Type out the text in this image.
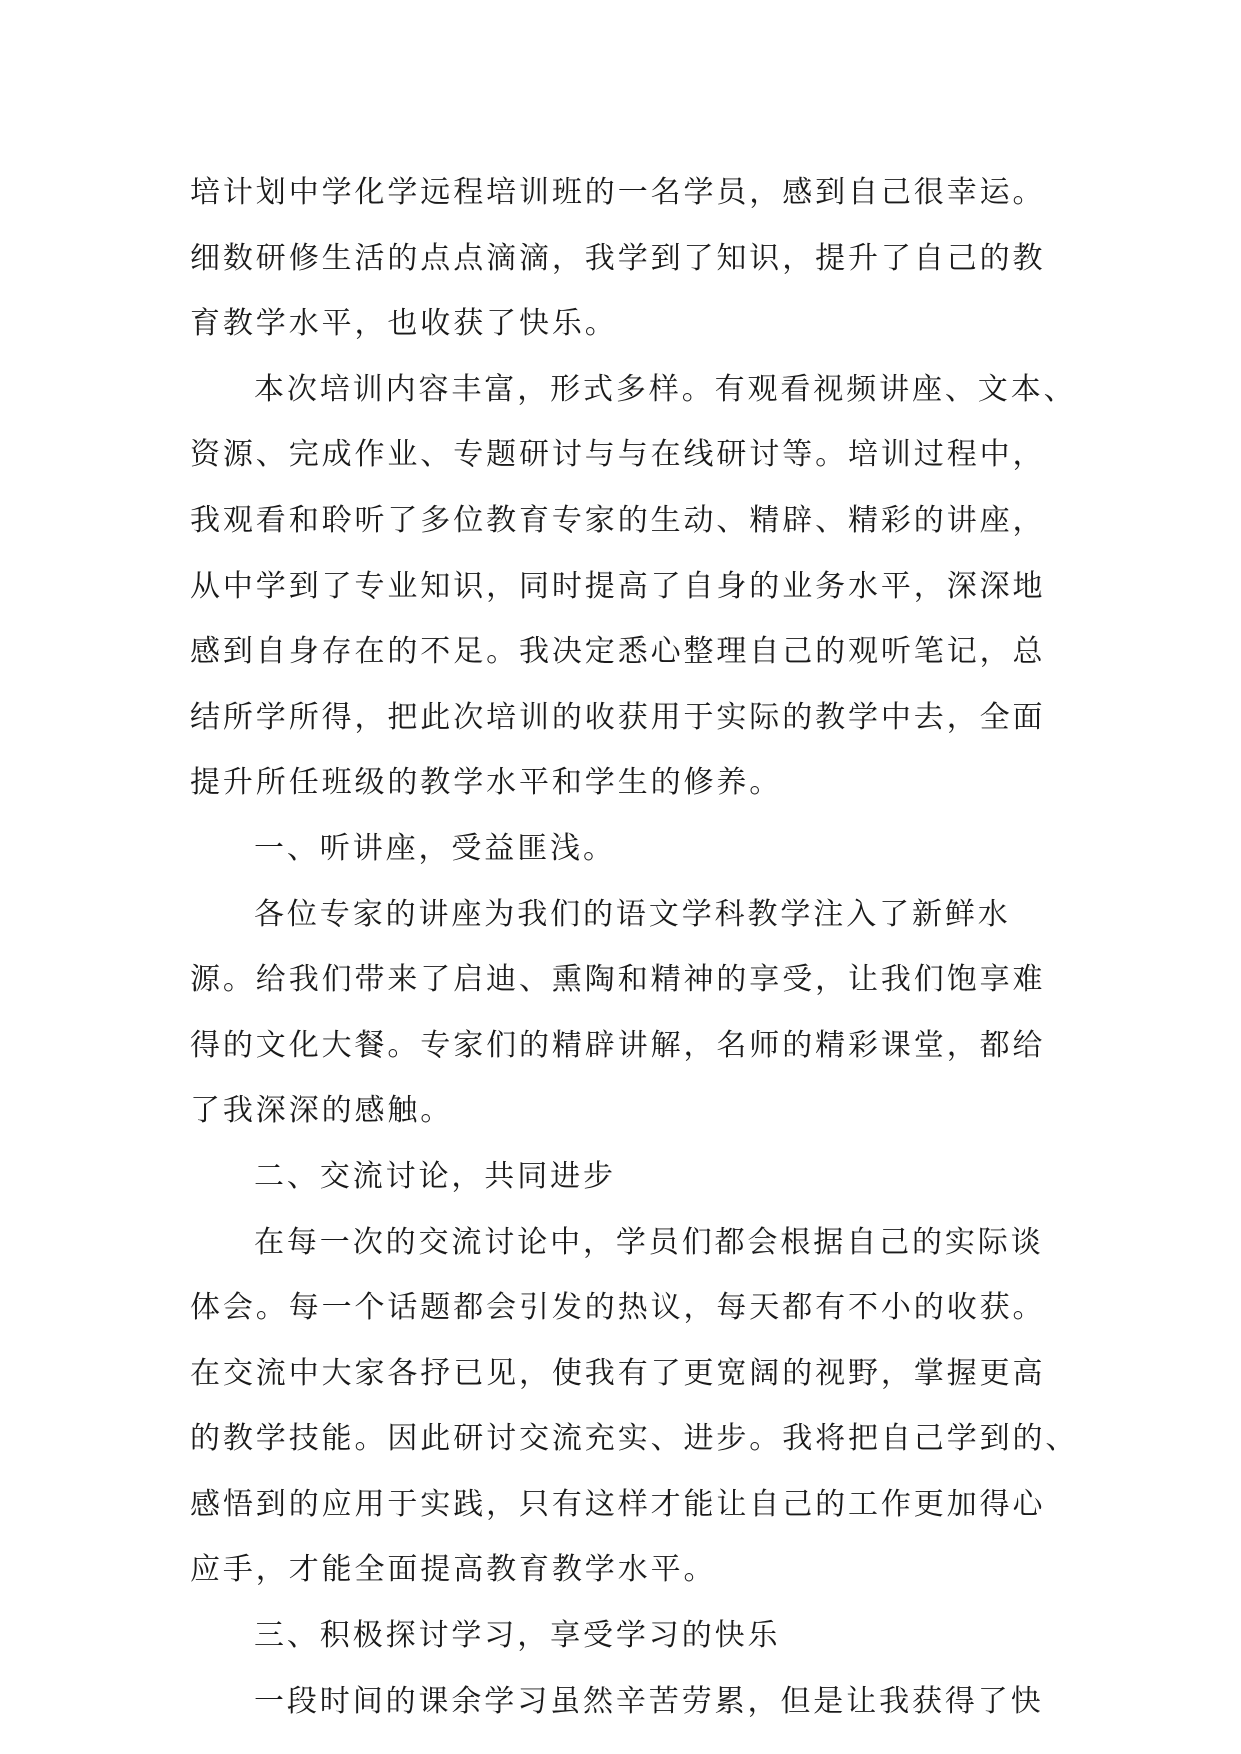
培计划中学化学远程培训班的一名学员，感到自己很幸运。
细数研修生活的点点滴滴，我学到了知识，提升了自己的教
育教学水平，也收获了快乐。
本次培训内容丰富，形式多样。有观看视频讲座、文本、
资源、完成作业、专题研讨与与在线研讨等。培训过程中，
我观看和聆听了多位教育专家的生动、精辟、精彩的讲座，
从中学到了专业知识，同时提高了自身的业务水平，深深地
感到自身存在的不足。我决定悉心整理自己的观听笔记，总
结所学所得，把此次培训的收获用于实际的教学中去，全面
提升所任班级的教学水平和学生的修养。
一、听讲座，受益匪浅。
各位专家的讲座为我们的语文学科教学注入了新鲜水
源。给我们带来了启迪、熏陶和精神的享受，让我们饱享难
得的文化大餐。专家们的精辟讲解，名师的精彩课堂，都给
了我深深的感触。
二、交流讨论，共同进步
在每一次的交流讨论中，学员们都会根据自己的实际谈
体会。每一个话题都会引发的热议，每天都有不小的收获。
在交流中大家各抒已见，使我有了更宽阔的视野，掌握更高
的教学技能。因此研讨交流充实、进步。我将把自己学到的、
感悟到的应用于实践，只有这样才能让自己的工作更加得心
应手，才能全面提高教育教学水平。
三、积极探讨学习，享受学习的快乐
一段时间的课余学习虽然辛苦劳累，但是让我获得了快
